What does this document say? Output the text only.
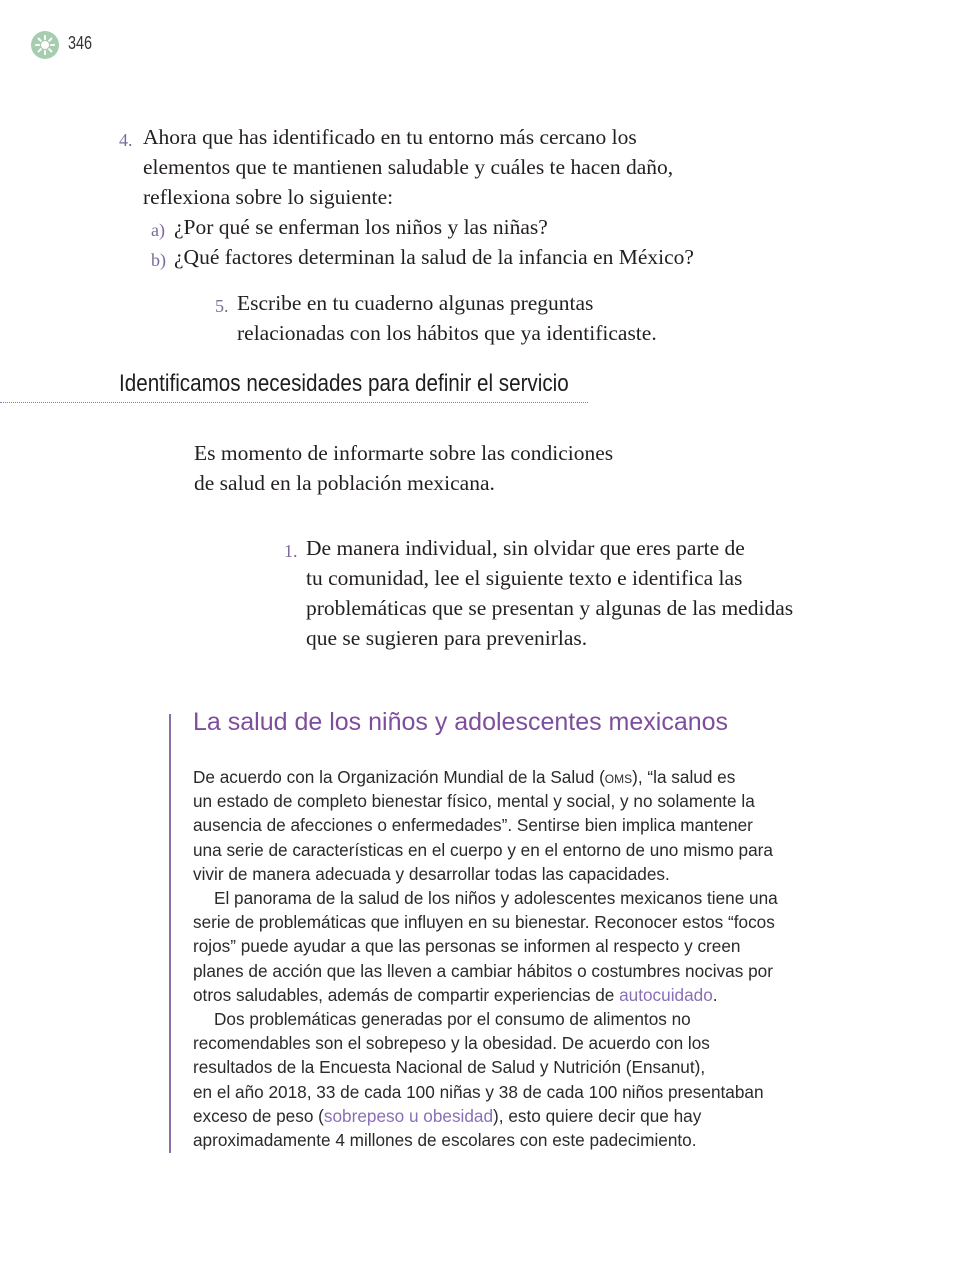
346
4. Ahora que has identificado en tu entorno más cercano los
elementos que te mantienen saludable y cuáles te hacen daño,
reflexiona sobre lo siguiente:
a) ¿Por qué se enferman los niños y las niñas?
b) ¿Qué factores determinan la salud de la infancia en México?
5. Escribe en tu cuaderno algunas preguntas
relacionadas con los hábitos que ya identificaste.
Identificamos necesidades para definir el servicio
Es momento de informarte sobre las condiciones
de salud en la población mexicana.
1. De manera individual, sin olvidar que eres parte de
tu comunidad, lee el siguiente texto e identifica las
problemáticas que se presentan y algunas de las medidas
que se sugieren para prevenirlas.
La salud de los niños y adolescentes mexicanos
De acuerdo con la Organización Mundial de la Salud (oms), “la salud es
un estado de completo bienestar físico, mental y social, y no solamente la
ausencia de afecciones o enfermedades”. Sentirse bien implica mantener
una serie de características en el cuerpo y en el entorno de uno mismo para
vivir de manera adecuada y desarrollar todas las capacidades.
El panorama de la salud de los niños y adolescentes mexicanos tiene una
serie de problemáticas que influyen en su bienestar. Reconocer estos “focos
rojos” puede ayudar a que las personas se informen al respecto y creen
planes de acción que las lleven a cambiar hábitos o costumbres nocivas por
otros saludables, además de compartir experiencias de autocuidado.
Dos problemáticas generadas por el consumo de alimentos no
recomendables son el sobrepeso y la obesidad. De acuerdo con los
resultados de la Encuesta Nacional de Salud y Nutrición (Ensanut),
en el año 2018, 33 de cada 100 niñas y 38 de cada 100 niños presentaban
exceso de peso (sobrepeso u obesidad), esto quiere decir que hay
aproximadamente 4 millones de escolares con este padecimiento.
